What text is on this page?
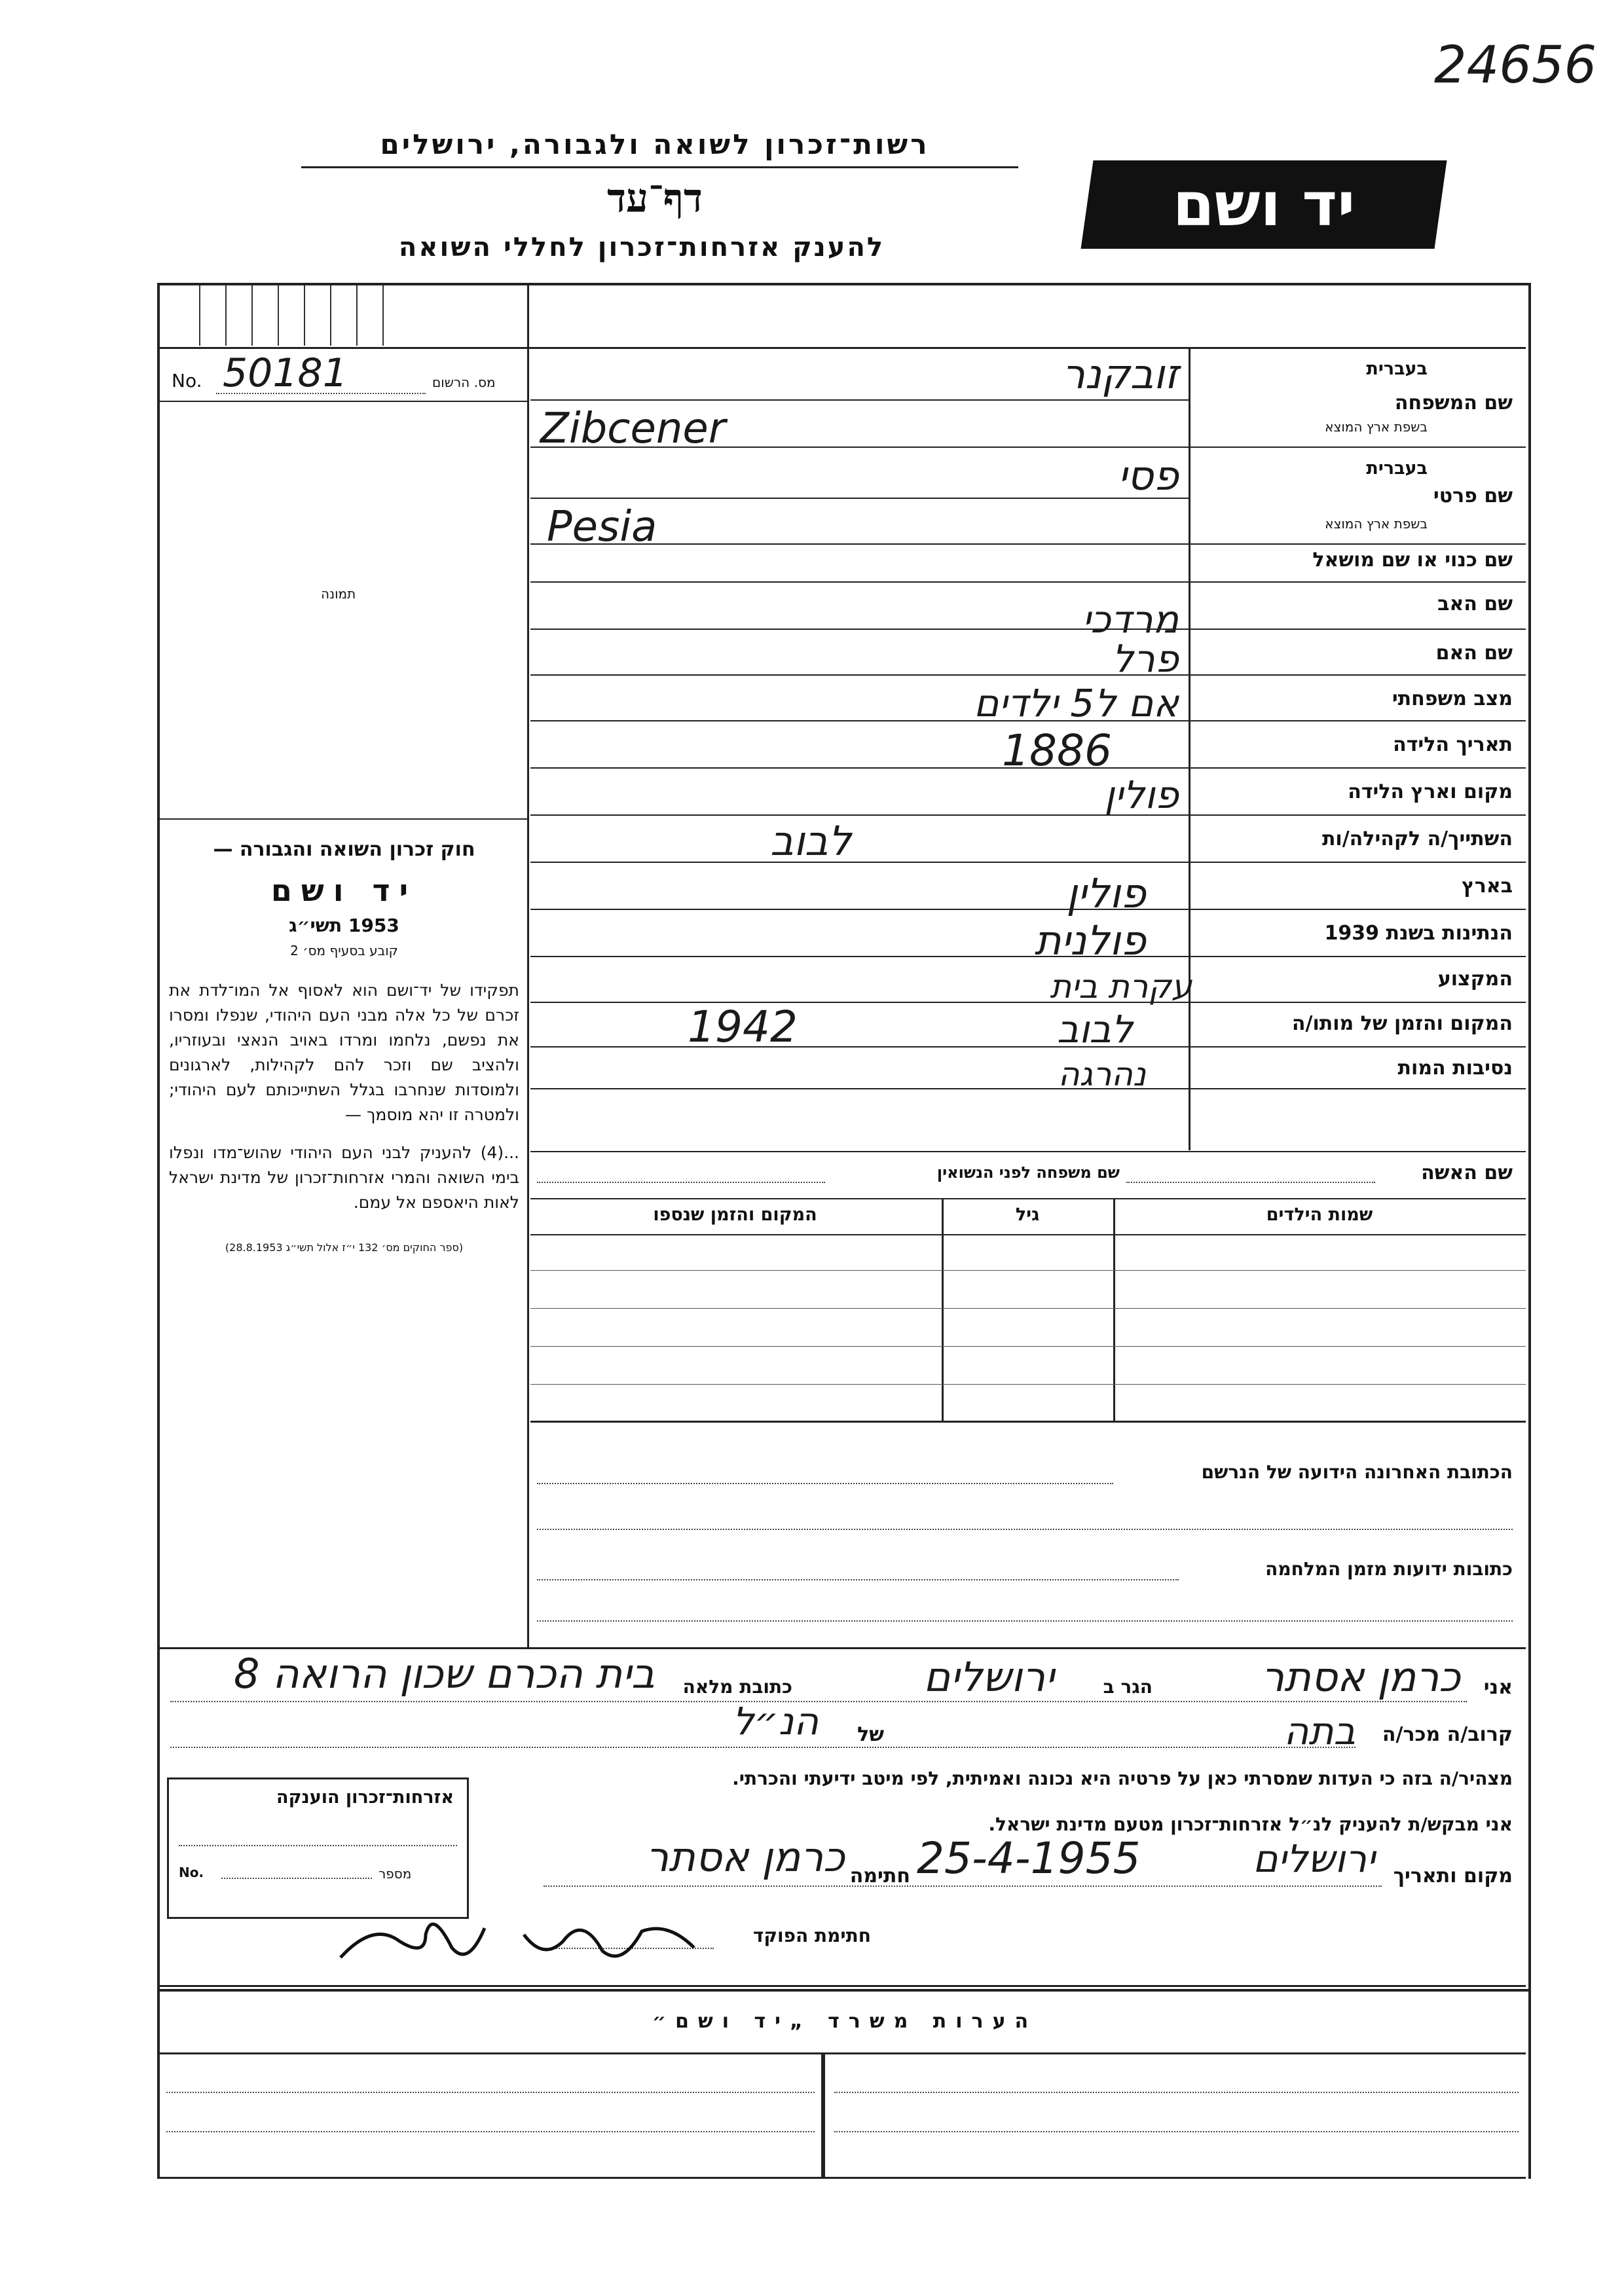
24656
רשות־זכרון לשואה ולגבורה, ירושלים
דף־עד
להענק אזרחות־זכרון לחללי השואה
יד ושם
No. 50181	מס. הרשום
תמונה
חוק זכרון השואה והגבורה —
יד ושם
1953 תשי״ג
קובע בסעיף מס׳ 2
תפקידו של יד־ושם הוא לאסוף אל המו־לדת את זכרם של כל אלה מבני העם היהודי, שנפלו ומסרו את נפשם, נלחמו ומרדו באויב הנאצי ובעוזריו, ולהציב שם וזכר להם לקהילות, לארגונים ולמוסדות שנחרבו בגלל השתייכותם לעם היהודי; ולמטרה זו יהא מוסמך —
...(4) להעניק לבני העם היהודי שהוש־מדו ונפלו בימי השואה והמרי אזרחות־זכרון של מדינת ישראל לאות היאספם אל עמם.
(ספר החוקים מס׳ 132 י״ז אלול תשי״ג 28.8.1953)
שם המשפחה
בעברית
בשפת ארץ המוצא
זובקנר
Zibcener
שם פרטי
בעברית
בשפת ארץ המוצא
פסי
Pesia
שם כנוי או שם מושאל
שם האב
מרדכי
שם האם
פרל
מצב משפחתי
אם ל5 ילדים
תאריך הלידה
1886
מקום וארץ הלידה
פולין
השתייך/ה לקהילה/ות
לבוב
בארץ
פולין
הנתינות בשנת 1939
פולנית
המקצוע
עקרת בית
המקום והזמן של מותו/ה
1942	לבוב
נסיבות המות
נהרגה
שם האשה
שם משפחה לפני הנשואין
שמות הילדים
גיל
המקום והזמן שנספו
הכתובת האחרונה הידועה של הנרשם
כתובות ידועות מזמן המלחמה
אני
כרמן אסתר
הגר ב
ירושלים
כתובת מלאה
בית הכרם שכון הרואה 8
קרוב/ה מכר/ה
בתה
של
הנ״ל
מצהיר/ה בזה כי העדות שמסרתי כאן על פרטיה היא נכונה ואמיתית, לפי מיטב ידיעתי והכרתי.
אני מבקש/ת להעניק לנ״ל אזרחות־זכרון מטעם מדינת ישראל.
מקום ותאריך
ירושלים
25-4-1955
חתימה
כרמן אסתר
חתימת הפוקד
אזרחות־זכרון הוענקה
No.	מספר
הערות משרד „יד ושם״
